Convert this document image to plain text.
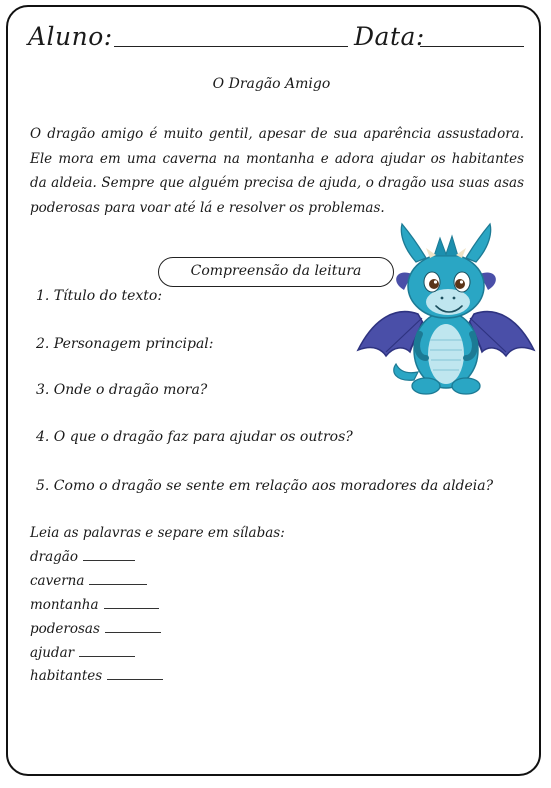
Aluno:	Data:
O Dragão Amigo

O dragão amigo é muito gentil, apesar de sua aparência assustadora. Ele mora em uma caverna na montanha e adora ajudar os habitantes da aldeia. Sempre que alguém precisa de ajuda, o dragão usa suas asas poderosas para voar até lá e resolver os problemas.

Compreensão da leitura
1. Título do texto:
2. Personagem principal:
3. Onde o dragão mora?
4. O que o dragão faz para ajudar os outros?
5. Como o dragão se sente em relação aos moradores da aldeia?
Leia as palavras e separe em sílabas:
dragão
caverna
montanha
poderosas
ajudar
habitantes
